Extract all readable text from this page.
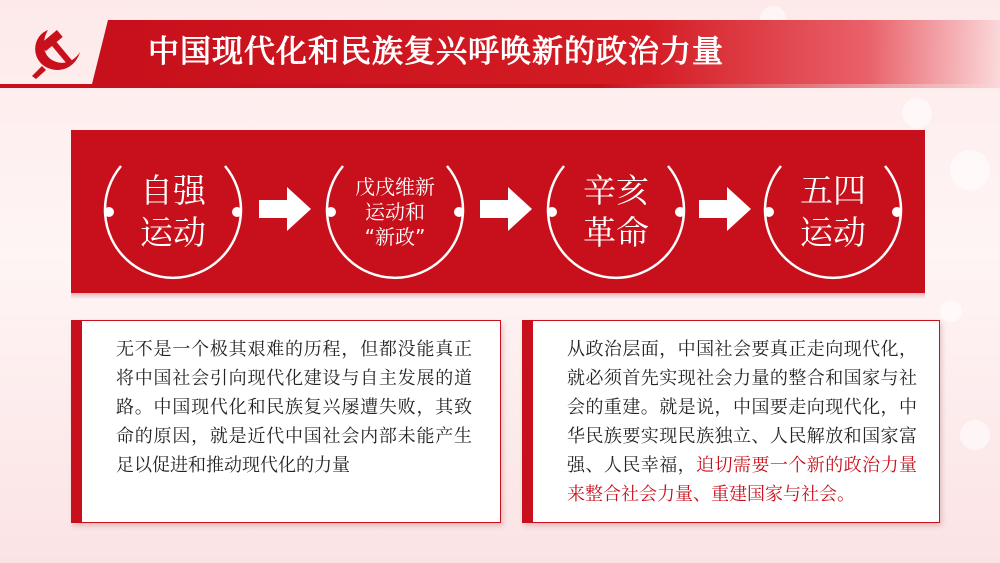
中国现代化和民族复兴呼唤新的政治力量
自强
运动
戊戌维新
运动和
“新政”
辛亥
革命
五四
运动
无不是一个极其艰难的历程，但都没能真正将中国社会引向现代化建设与自主发展的道路。中国现代化和民族复兴屡遭失败，其致命的原因，就是近代中国社会内部未能产生足以促进和推动现代化的力量
从政治层面，中国社会要真正走向现代化，就必须首先实现社会力量的整合和国家与社会的重建。就是说，中国要走向现代化，中华民族要实现民族独立、人民解放和国家富强、人民幸福，迫切需要一个新的政治力量来整合社会力量、重建国家与社会。
